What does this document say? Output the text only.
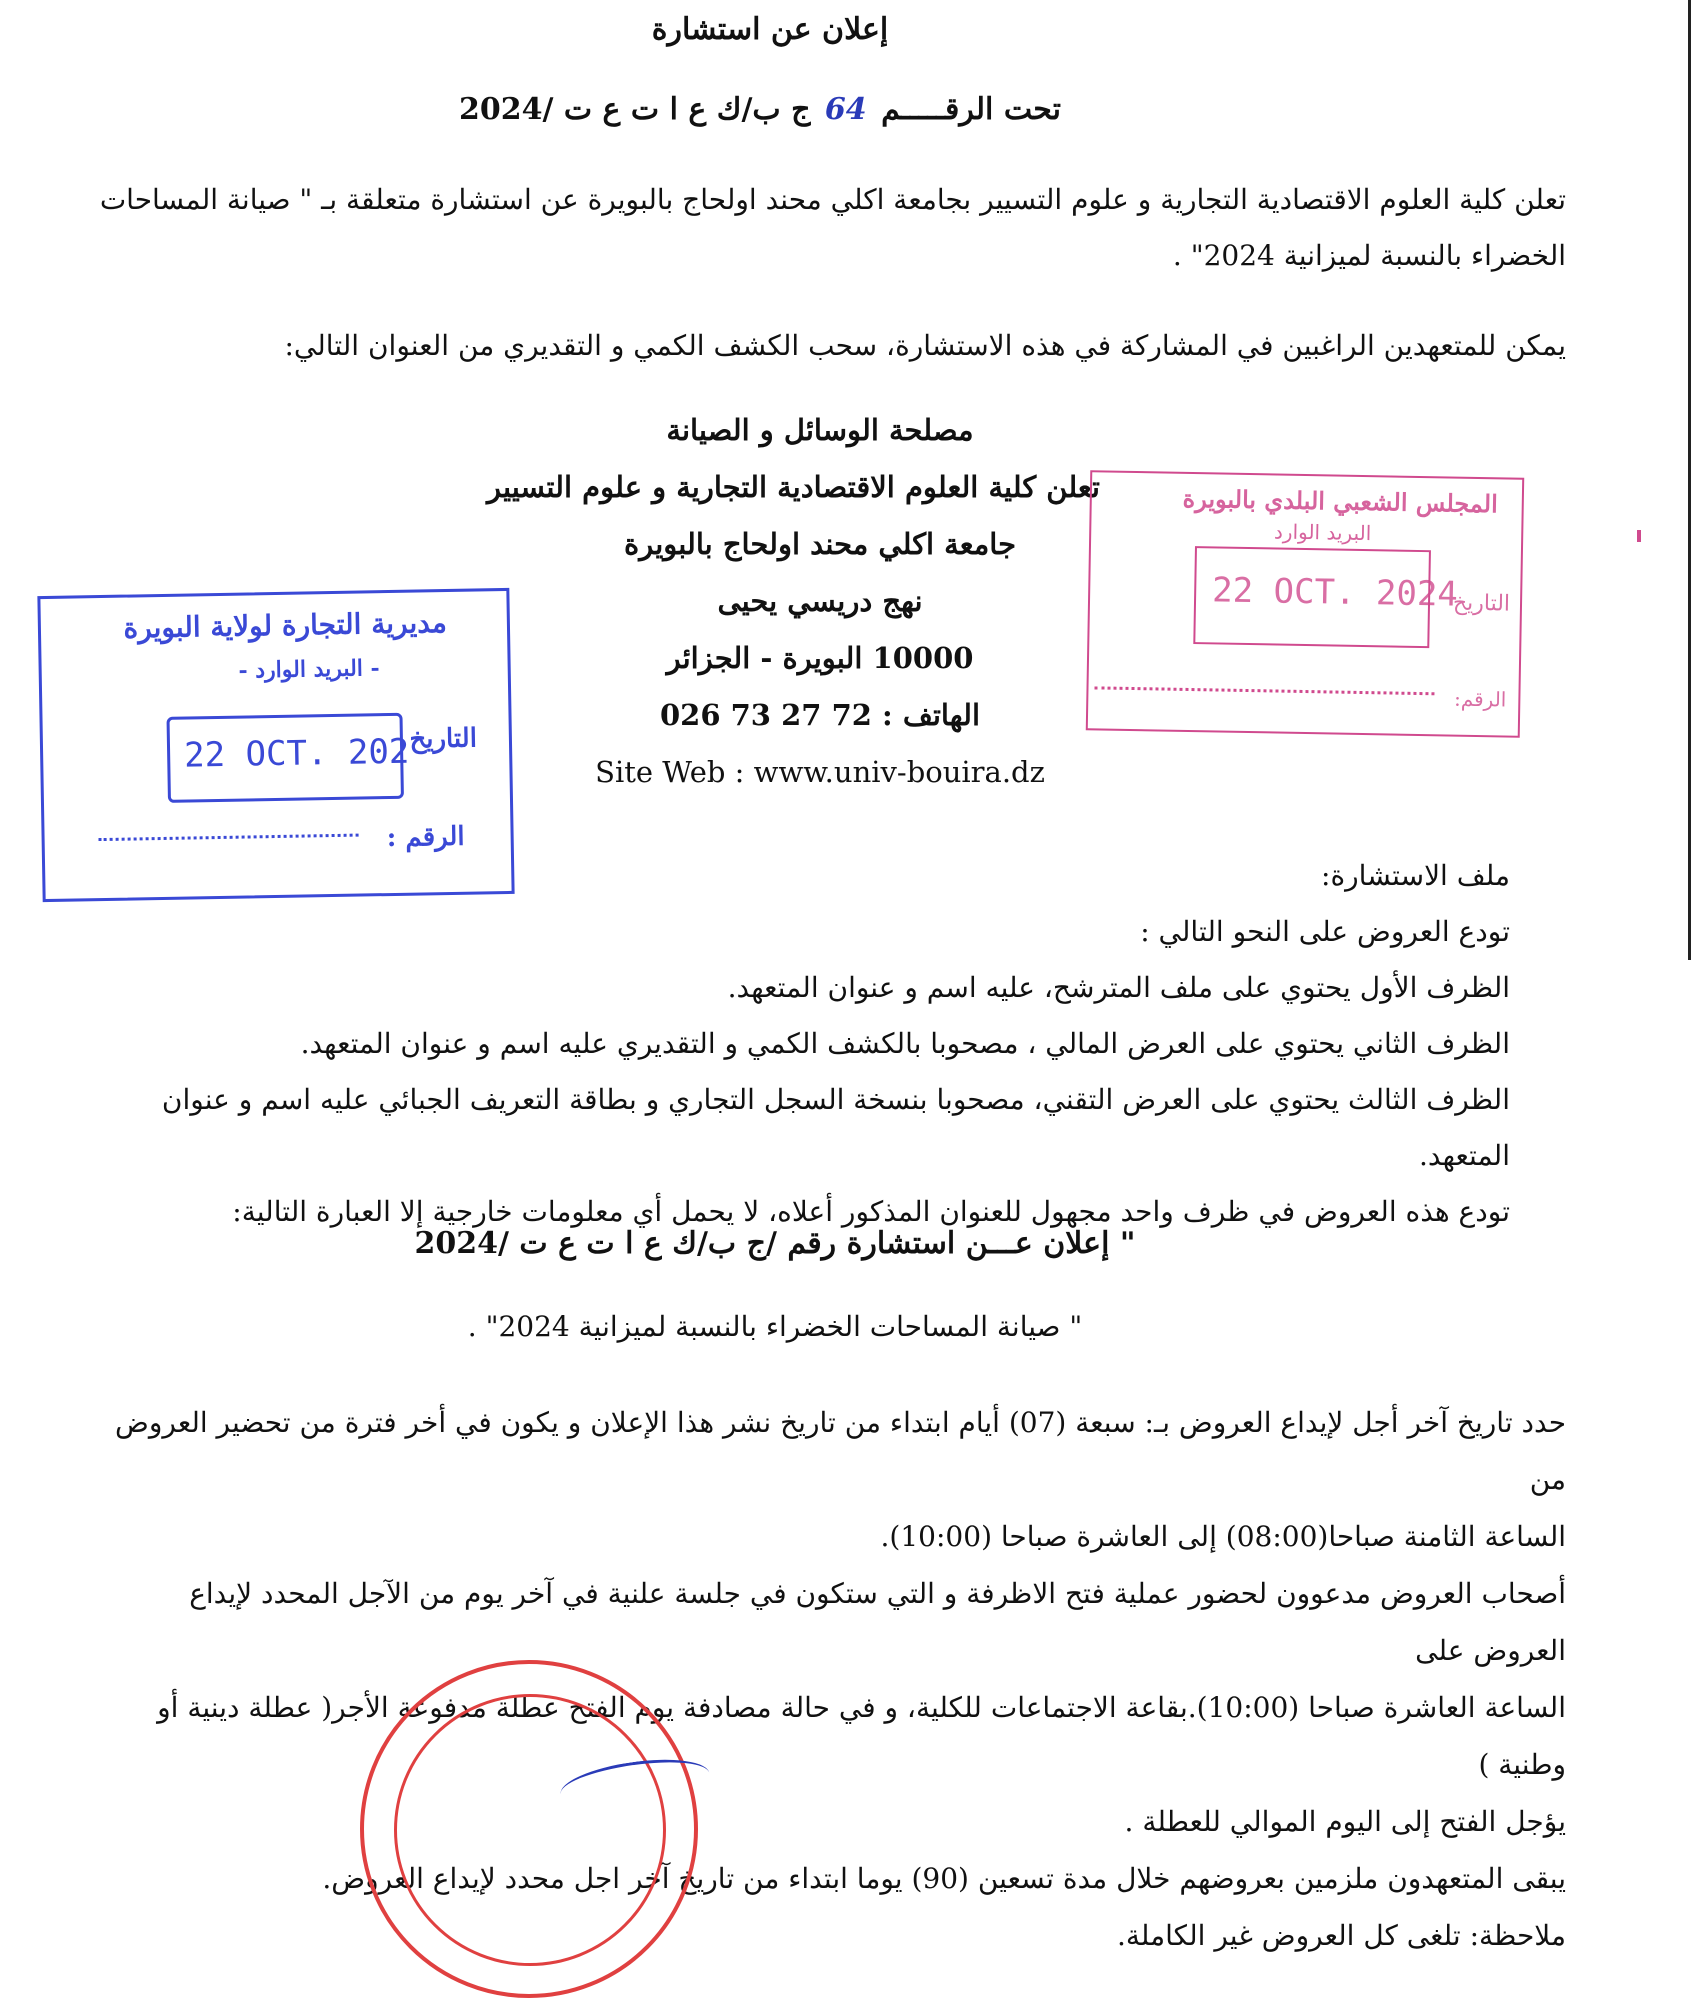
إعلان عن استشارة
تحت الرقـــــم 64 ج ب/ك ع ا ت ع ت /2024

تعلن كلية العلوم الاقتصادية التجارية و علوم التسيير بجامعة اكلي محند اولحاج بالبويرة عن استشارة متعلقة بـ " صيانة المساحات الخضراء بالنسبة لميزانية 2024" .

يمكن للمتعهدين الراغبين في المشاركة في هذه الاستشارة، سحب الكشف الكمي و التقديري من العنوان التالي:

مصلحة الوسائل و الصيانة
تعلن كلية العلوم الاقتصادية التجارية و علوم التسيير
جامعة اكلي محند اولحاج بالبويرة
نهج دريسي يحيى
10000 البويرة - الجزائر
الهاتف : 72 27 73 026
Site Web : www.univ-bouira.dz
مديرية التجارة لولاية البويرة
- البريد الوارد -
التاريخ
22 OCT. 202
الرقم :
المجلس الشعبي البلدي بالبويرة
البريد الوارد
22 OCT. 2024
التاريخ
الرقم:
ملف الاستشارة:
تودع العروض على النحو التالي :
الظرف الأول يحتوي على ملف المترشح، عليه اسم و عنوان المتعهد.
الظرف الثاني يحتوي على العرض المالي ، مصحوبا بالكشف الكمي و التقديري عليه اسم و عنوان المتعهد.
الظرف الثالث يحتوي على العرض التقني، مصحوبا بنسخة السجل التجاري و بطاقة التعريف الجبائي عليه اسم و عنوان المتعهد.
تودع هذه العروض في ظرف واحد مجهول للعنوان المذكور أعلاه، لا يحمل أي معلومات خارجية إلا العبارة التالية:
" إعلان عـــن استشارة رقم /ج ب/ك ع ا ت ع ت /2024
" صيانة المساحات الخضراء بالنسبة لميزانية 2024" .
حدد تاريخ آخر أجل لإيداع العروض بـ: سبعة (07) أيام ابتداء من تاريخ نشر هذا الإعلان و يكون في أخر فترة من تحضير العروض من
الساعة الثامنة صباحا(08:00) إلى العاشرة صباحا (10:00).
أصحاب العروض مدعوون لحضور عملية فتح الاظرفة و التي ستكون في جلسة علنية في آخر يوم من الآجل المحدد لإيداع العروض على
الساعة العاشرة صباحا (10:00).بقاعة الاجتماعات للكلية، و في حالة مصادفة يوم الفتح عطلة مدفوعة الأجر( عطلة دينية أو وطنية )
يؤجل الفتح إلى اليوم الموالي للعطلة .
يبقى المتعهدون ملزمين بعروضهم خلال مدة تسعين (90) يوما ابتداء من تاريخ آخر اجل محدد لإيداع العروض.
ملاحظة: تلغى كل العروض غير الكاملة.
